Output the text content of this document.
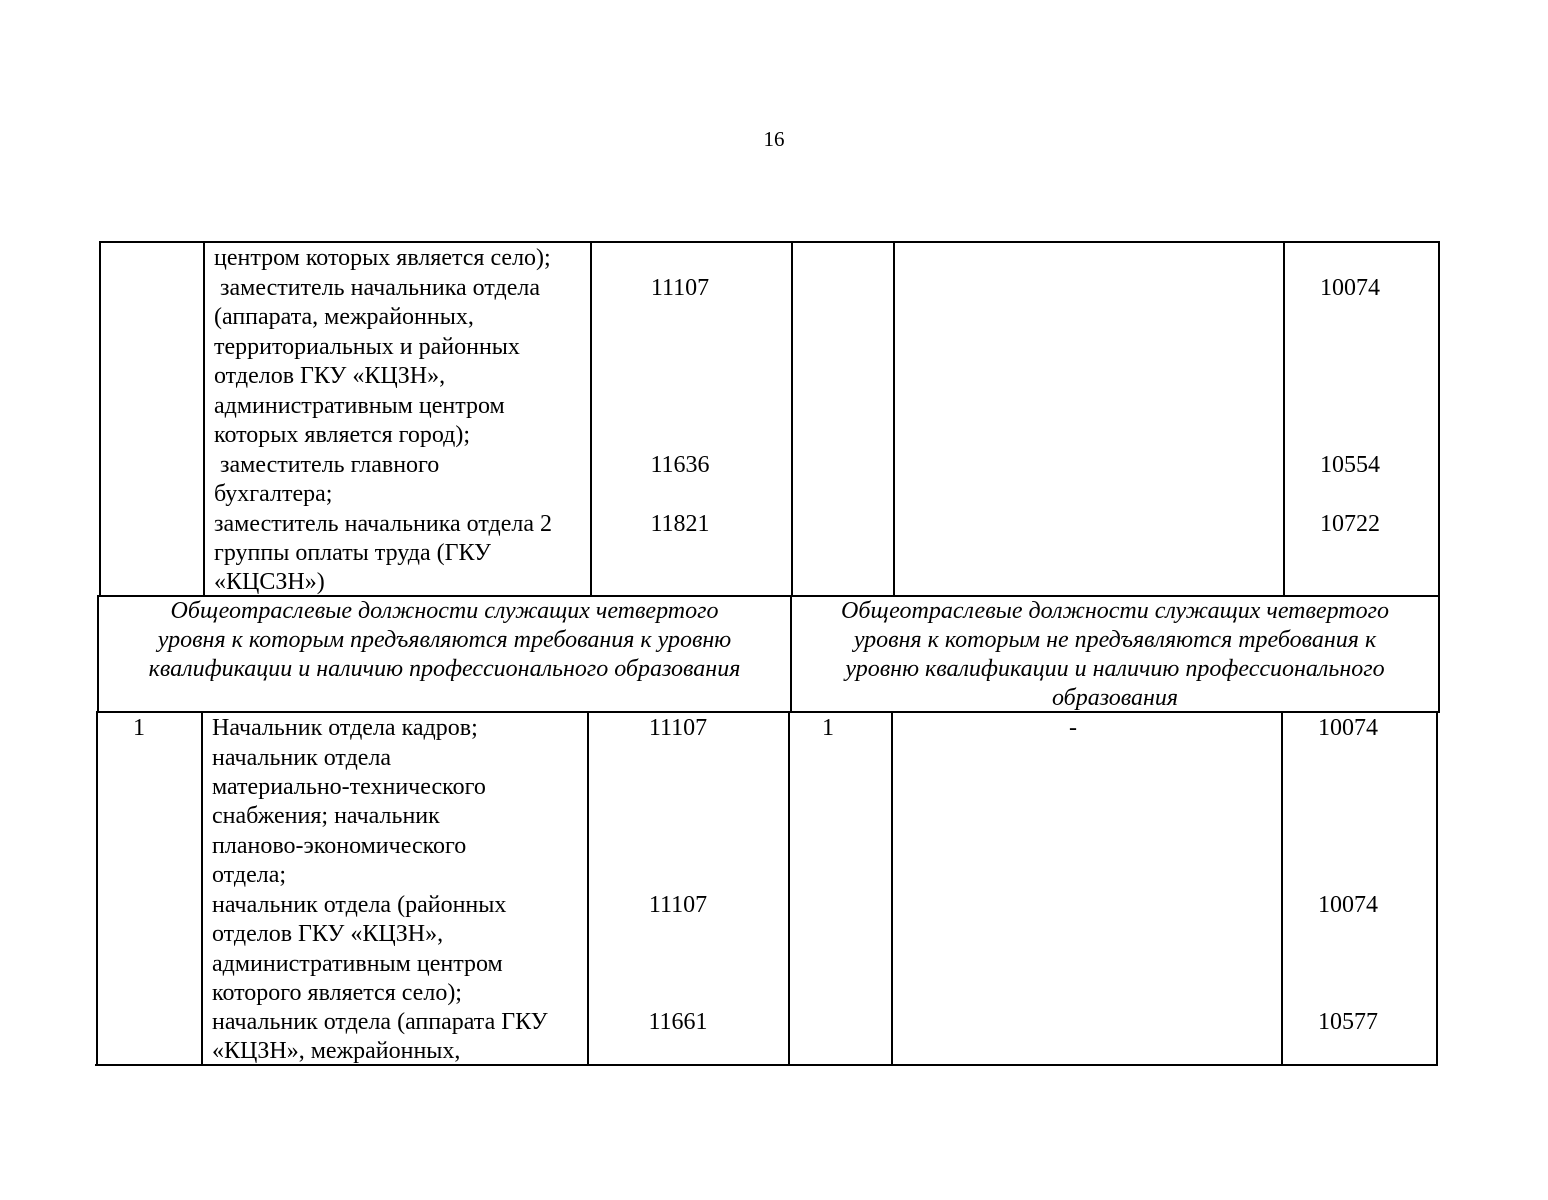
16
центром которых является село);
заместитель начальника отдела
(аппарата, межрайонных,
территориальных и районных
отделов ГКУ «КЦЗН»,
административным центром
которых является город);
заместитель главного
бухгалтера;
заместитель начальника отдела 2
группы оплаты труда (ГКУ
«КЦСЗН»)
11107
11636
11821
10074
10554
10722
Общеотраслевые должности служащих четвертого
уровня к которым предъявляются требования к уровню
квалификации и наличию профессионального образования
Общеотраслевые должности служащих четвертого
уровня к которым не предъявляются требования к
уровню квалификации и наличию профессионального
образования
1	1	-
Начальник отдела кадров;
начальник отдела
материально-технического
снабжения; начальник
планово-экономического
отдела;
начальник отдела (районных
отделов ГКУ «КЦЗН»,
административным центром
которого является село);
начальник отдела (аппарата ГКУ
«КЦЗН», межрайонных,
11107
11107
11661
10074
10074
10577
